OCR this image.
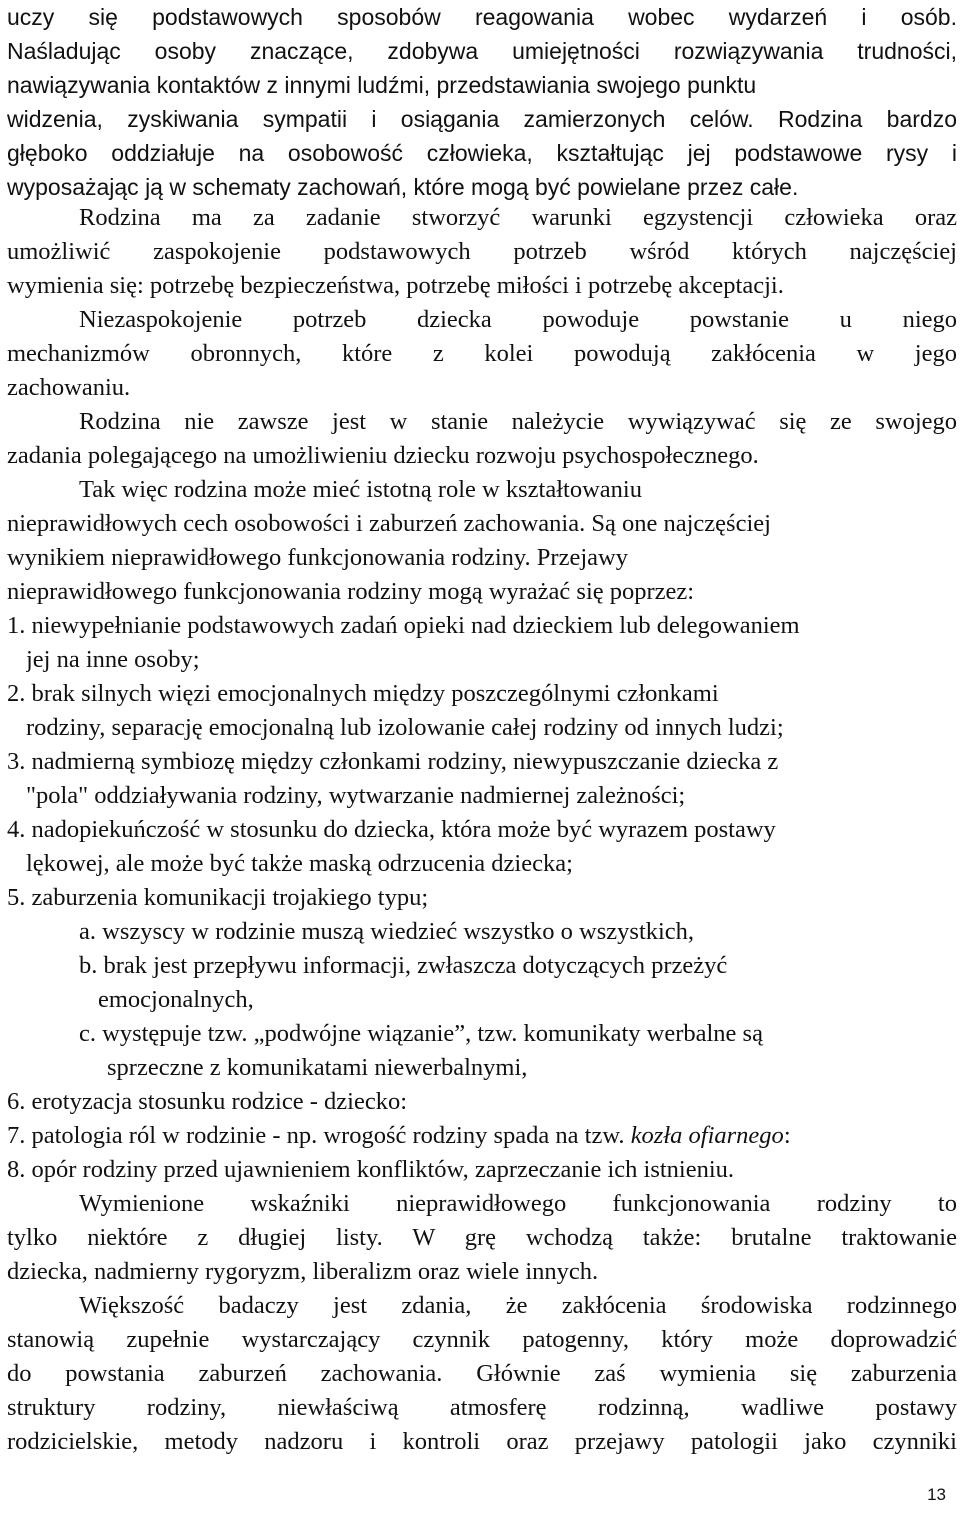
uczy się podstawowych sposobów reagowania wobec wydarzeń i osób.
Naśladując osoby znaczące, zdobywa umiejętności rozwiązywania trudności,
nawiązywania kontaktów z innymi ludźmi, przedstawiania swojego punktu
widzenia, zyskiwania sympatii i osiągania zamierzonych celów. Rodzina bardzo
głęboko oddziałuje na osobowość człowieka, kształtując jej podstawowe rysy i
wyposażając ją w schematy zachowań, które mogą być powielane przez całe.
Rodzina ma za zadanie stworzyć warunki egzystencji człowieka oraz
umożliwić zaspokojenie podstawowych potrzeb wśród których najczęściej
wymienia się: potrzebę bezpieczeństwa, potrzebę miłości i potrzebę akceptacji.
Niezaspokojenie potrzeb dziecka powoduje powstanie u niego
mechanizmów obronnych, które z kolei powodują zakłócenia w jego
zachowaniu.
Rodzina nie zawsze jest w stanie należycie wywiązywać się ze swojego
zadania polegającego na umożliwieniu dziecku rozwoju psychospołecznego.
Tak więc rodzina może mieć istotną role w kształtowaniu
nieprawidłowych cech osobowości i zaburzeń zachowania. Są one najczęściej
wynikiem nieprawidłowego funkcjonowania rodziny. Przejawy
nieprawidłowego funkcjonowania rodziny mogą wyrażać się poprzez:
1. niewypełnianie podstawowych zadań opieki nad dzieckiem lub delegowaniem
jej na inne osoby;
2. brak silnych więzi emocjonalnych między poszczególnymi członkami
rodziny, separację emocjonalną lub izolowanie całej rodziny od innych ludzi;
3. nadmierną symbiozę między członkami rodziny, niewypuszczanie dziecka z
"pola" oddziaływania rodziny, wytwarzanie nadmiernej zależności;
4. nadopiekuńczość w stosunku do dziecka, która może być wyrazem postawy
lękowej, ale może być także maską odrzucenia dziecka;
5. zaburzenia komunikacji trojakiego typu;
a. wszyscy w rodzinie muszą wiedzieć wszystko o wszystkich,
b. brak jest przepływu informacji, zwłaszcza dotyczących przeżyć
emocjonalnych,
c. występuje tzw. „podwójne wiązanie”, tzw. komunikaty werbalne są
sprzeczne z komunikatami niewerbalnymi,
6. erotyzacja stosunku rodzice - dziecko:
7. patologia ról w rodzinie - np. wrogość rodziny spada na tzw. kozła ofiarnego:
8. opór rodziny przed ujawnieniem konfliktów, zaprzeczanie ich istnieniu.
Wymienione wskaźniki nieprawidłowego funkcjonowania rodziny to
tylko niektóre z długiej listy. W grę wchodzą także: brutalne traktowanie
dziecka, nadmierny rygoryzm, liberalizm oraz wiele innych.
Większość badaczy jest zdania, że zakłócenia środowiska rodzinnego
stanowią zupełnie wystarczający czynnik patogenny, który może doprowadzić
do powstania zaburzeń zachowania. Głównie zaś wymienia się zaburzenia
struktury rodziny, niewłaściwą atmosferę rodzinną, wadliwe postawy
rodzicielskie, metody nadzoru i kontroli oraz przejawy patologii jako czynniki
13
